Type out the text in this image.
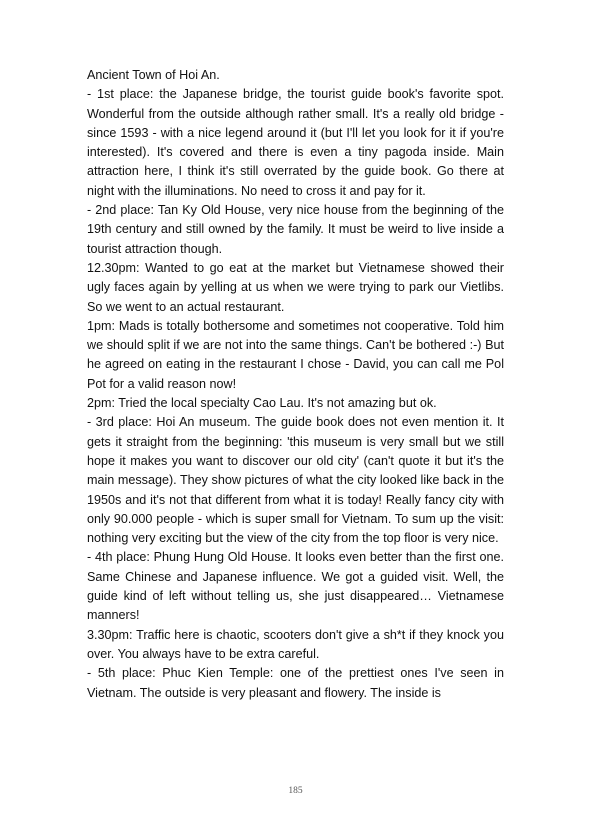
Ancient Town of Hoi An.

- 1st place: the Japanese bridge, the tourist guide book's favorite spot. Wonderful from the outside although rather small. It's a really old bridge - since 1593 - with a nice legend around it (but I'll let you look for it if you're interested). It's covered and there is even a tiny pagoda inside. Main attraction here, I think it's still overrated by the guide book. Go there at night with the illuminations. No need to cross it and pay for it.

- 2nd place: Tan Ky Old House, very nice house from the beginning of the 19th century and still owned by the family. It must be weird to live inside a tourist attraction though.

12.30pm: Wanted to go eat at the market but Vietnamese showed their ugly faces again by yelling at us when we were trying to park our Vietlibs. So we went to an actual restaurant.

1pm: Mads is totally bothersome and sometimes not cooperative. Told him we should split if we are not into the same things. Can't be bothered :-) But he agreed on eating in the restaurant I chose - David, you can call me Pol Pot for a valid reason now!

2pm: Tried the local specialty Cao Lau. It's not amazing but ok.

- 3rd place: Hoi An museum. The guide book does not even mention it. It gets it straight from the beginning: 'this museum is very small but we still hope it makes you want to discover our old city' (can't quote it but it's the main message). They show pictures of what the city looked like back in the 1950s and it's not that different from what it is today! Really fancy city with only 90.000 people - which is super small for Vietnam. To sum up the visit: nothing very exciting but the view of the city from the top floor is very nice.

- 4th place: Phung Hung Old House. It looks even better than the first one. Same Chinese and Japanese influence. We got a guided visit. Well, the guide kind of left without telling us, she just disappeared… Vietnamese manners!

3.30pm: Traffic here is chaotic, scooters don't give a sh*t if they knock you over. You always have to be extra careful.

- 5th place: Phuc Kien Temple: one of the prettiest ones I've seen in Vietnam. The outside is very pleasant and flowery. The inside is

185
